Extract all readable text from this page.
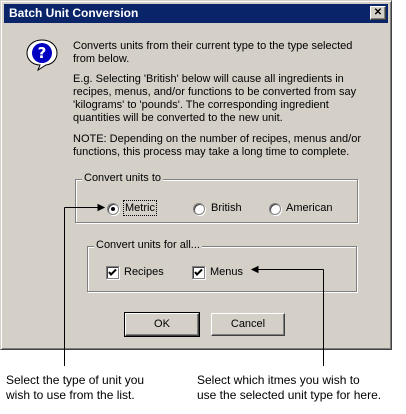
Batch Unit Conversion	✕
? Converts units from their current type to the type selected
from below.
E.g. Selecting 'British' below will cause all ingredients in
recipes, menus, and/or functions to be converted from say
'kilograms' to 'pounds'. The corresponding ingredient
quantities will be converted to the new unit.
NOTE: Depending on the number of recipes, menus and/or
functions, this process may take a long time to complete.
Convert units to
Metric	British	American
Convert units for all...
Recipes	Menus
OK	Cancel
Select the type of unit you
wish to use from the list.
Select which itmes you wish to
use the selected unit type for here.
